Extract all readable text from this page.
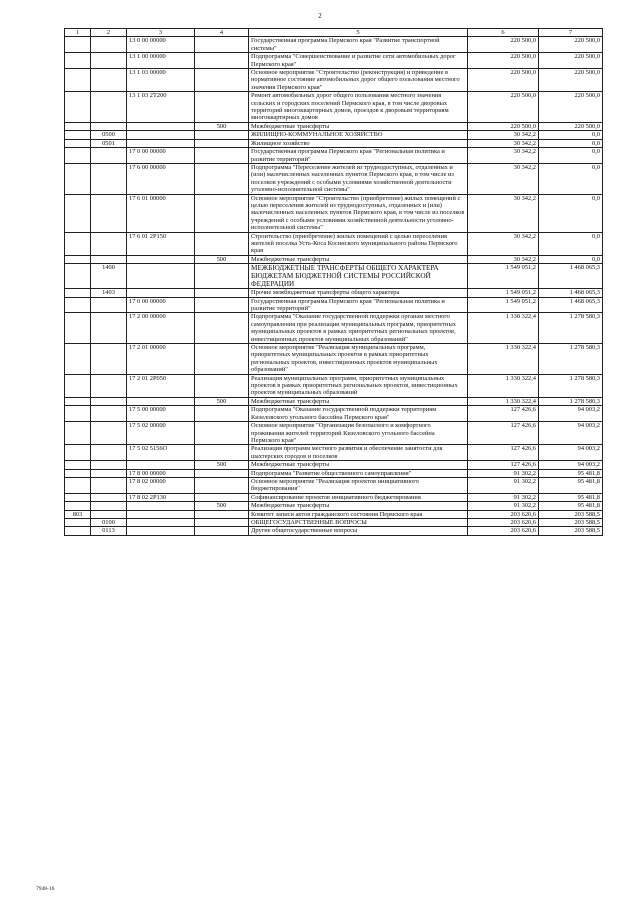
2
1	2	3	4	5	6	7
		13 0 00 00000		Государственная программа Пермского края "Развитие транспортной системы"	220 500,0	220 500,0
		13 1 00 00000		Подпрограмма "Совершенствование и развитие сети автомобильных дорог Пермского края"	220 500,0	220 500,0
		13 1 03 00000		Основное мероприятие "Строительство (реконструкция) и приведение в нормативное состояние автомобильных дорог общего пользования местного значения Пермского края"	220 500,0	220 500,0
		13 1 03 2Т200		Ремонт автомобильных дорог общего пользования местного значения сельских и городских поселений Пермского края, в том числе дворовых территорий многоквартирных домов, проездов к дворовым территориям многоквартирных домов	220 500,0	220 500,0
			500	Межбюджетные трансферты	220 500,0	220 500,0
	0500			ЖИЛИЩНО-КОММУНАЛЬНОЕ ХОЗЯЙСТВО	30 342,2	0,0
	0501			Жилищное хозяйство	30 342,2	0,0
		17 0 00 00000		Государственная программа Пермского края "Региональная политика и развитие территорий"	30 342,2	0,0
		17 6 00 00000		Подпрограмма "Переселение жителей из труднодоступных, отдаленных и (или) малочисленных населенных пунктов Пермского края, в том числе из поселков учреждений с особыми условиями хозяйственной деятельности уголовно-исполнительной системы"	30 342,2	0,0
		17 6 01 00000		Основное мероприятие "Строительство (приобретение) жилых помещений с целью переселения жителей из труднодоступных, отдаленных и (или) малочисленных населенных пунктов Пермского края, в том числе из поселков учреждений с особыми условиями хозяйственной деятельности уголовно-исполнительной системы"	30 342,2	0,0
		17 6 01 2Р150		Строительство (приобретение) жилых помещений с целью переселения жителей поселка Усть-Коса Косинского муниципального района Пермского края	30 342,2	0,0
			500	Межбюджетные трансферты	30 342,2	0,0
	1400			МЕЖБЮДЖЕТНЫЕ ТРАНСФЕРТЫ ОБЩЕГО ХАРАКТЕРА БЮДЖЕТАМ БЮДЖЕТНОЙ СИСТЕМЫ РОССИЙСКОЙ ФЕДЕРАЦИИ	1 549 051,2	1 468 065,3
	1403			Прочие межбюджетные трансферты общего характера	1 549 051,2	1 468 065,3
		17 0 00 00000		Государственная программа Пермского края "Региональная политика и развитие территорий"	1 549 051,2	1 468 065,3
		17 2 00 00000		Подпрограмма "Оказание государственной поддержки органам местного самоуправления при реализации муниципальных программ, приоритетных муниципальных проектов в рамках приоритетных региональных проектов, инвестиционных проектов муниципальных образований"	1 330 322,4	1 278 580,3
		17 2 01 00000		Основное мероприятие "Реализация муниципальных программ, приоритетных муниципальных проектов в рамках приоритетных региональных проектов, инвестиционных проектов муниципальных образований"	1 330 322,4	1 278 580,3
		17 2 01 2Р050		Реализация муниципальных программ, приоритетных муниципальных проектов в рамках приоритетных региональных проектов, инвестиционных проектов муниципальных образований	1 330 322,4	1 278 580,3
			500	Межбюджетные трансферты	1 330 322,4	1 278 580,3
		17 5 00 00000		Подпрограмма "Оказание государственной поддержки территориям Кизеловского угольного бассейна Пермского края"	127 426,6	94 003,2
		17 5 02 00000		Основное мероприятие "Организация безопасного и комфортного проживания жителей территорий Кизеловского угольного бассейна Пермского края"	127 426,6	94 003,2
		17 5 02 5156О		Реализация программ местного развития и обеспечение занятости для шахтерских городов и поселков	127 426,6	94 003,2
			500	Межбюджетные трансферты	127 426,6	94 003,2
		17 8 00 00000		Подпрограмма "Развитие общественного самоуправления"	91 302,2	95 481,8
		17 8 02 00000		Основное мероприятие "Реализация проектов инициативного бюджетирования"	91 302,2	95 481,8
		17 8 02 2Р130		Софинансирование проектов инициативного бюджетирования	91 302,2	95 481,8
			500	Межбюджетные трансферты	91 302,2	95 481,8
803				Комитет записи актов гражданского состояния Пермского края	203 620,6	203 588,5
	0100			ОБЩЕГОСУДАРСТВЕННЫЕ ВОПРОСЫ	203 620,6	203 588,5
	0113			Другие общегосударственные вопросы	203 620,6	203 588,5
7948-16
